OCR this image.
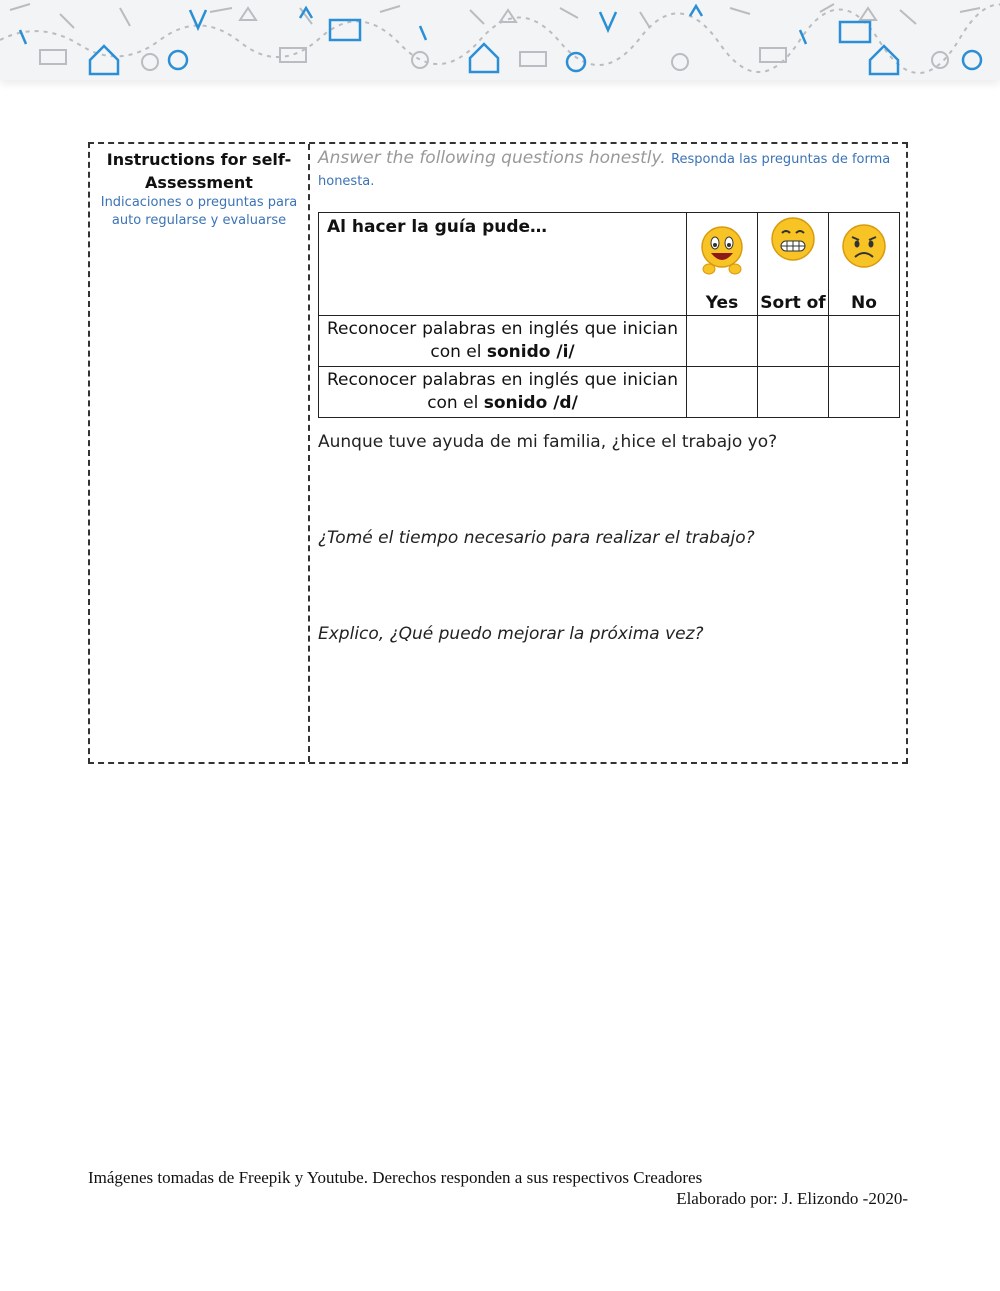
Instructions for self-Assessment
Indicaciones o preguntas para auto regularse y evaluarse
Answer the following questions honestly. Responda las preguntas de forma honesta.
Al hacer la guía pude…	Yes	Sort of	No
Reconocer palabras en inglés que inician con el sonido /i/			
Reconocer palabras en inglés que inician con el sonido /d/			
Aunque tuve ayuda de mi familia, ¿hice el trabajo yo?
¿Tomé el tiempo necesario para realizar el trabajo?
Explico, ¿Qué puedo mejorar la próxima vez?
Imágenes tomadas de Freepik y Youtube. Derechos responden a sus respectivos Creadores
Elaborado por: J. Elizondo -2020-
